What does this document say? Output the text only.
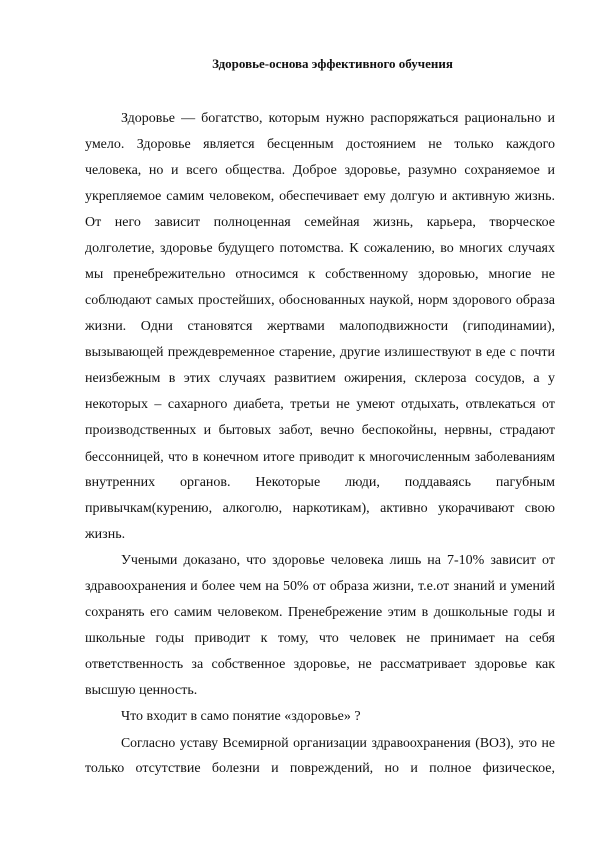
Здоровье-основа эффективного обучения
Здоровье — богатство, которым нужно распоряжаться рационально и
умело. Здоровье является бесценным достоянием не только каждого
человека, но и всего общества. Доброе здоровье, разумно сохраняемое и
укрепляемое самим человеком, обеспечивает ему долгую и активную жизнь.
От него зависит полноценная семейная жизнь, карьера, творческое
долголетие, здоровье будущего потомства. К сожалению, во многих случаях
мы пренебрежительно относимся к собственному здоровью, многие не
соблюдают самых простейших, обоснованных наукой, норм здорового образа
жизни. Одни становятся жертвами малоподвижности (гиподинамии),
вызывающей преждевременное старение, другие излишествуют в еде с почти
неизбежным в этих случаях развитием ожирения, склероза сосудов, а у
некоторых – сахарного диабета, третьи не умеют отдыхать, отвлекаться от
производственных и бытовых забот, вечно беспокойны, нервны, страдают
бессонницей, что в конечном итоге приводит к многочисленным заболеваниям
внутренних органов. Некоторые люди, поддаваясь пагубным
привычкам(курению, алкоголю, наркотикам), активно укорачивают свою
жизнь.
Учеными доказано, что здоровье человека лишь на 7-10% зависит от
здравоохранения и более чем на 50% от образа жизни, т.е.от знаний и умений
сохранять его самим человеком. Пренебрежение этим в дошкольные годы и
школьные годы приводит к тому, что человек не принимает на себя
ответственность за собственное здоровье, не рассматривает здоровье как
высшую ценность.
Что входит в само понятие «здоровье» ?
Согласно уставу Всемирной организации здравоохранения (ВОЗ), это не
только отсутствие болезни и повреждений, но и полное физическое,
